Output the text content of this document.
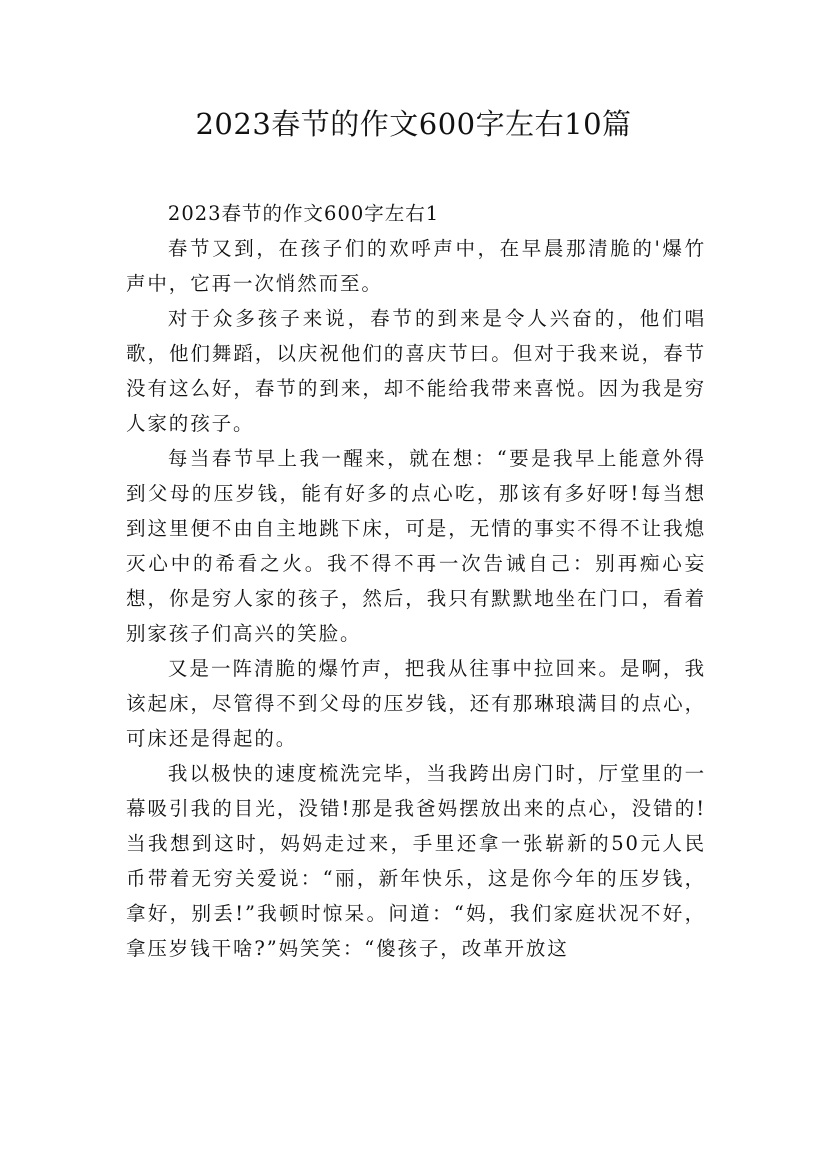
2023春节的作文600字左右10篇

2023春节的作文600字左右1

春节又到，在孩子们的欢呼声中，在早晨那清脆的'爆竹声中，它再一次悄然而至。

对于众多孩子来说，春节的到来是令人兴奋的，他们唱歌，他们舞蹈，以庆祝他们的喜庆节曰。但对于我来说，春节没有这么好，春节的到来，却不能给我带来喜悦。因为我是穷人家的孩子。

每当春节早上我一醒来，就在想：“要是我早上能意外得到父母的压岁钱，能有好多的点心吃，那该有多好呀!每当想到这里便不由自主地跳下床，可是，无情的事实不得不让我熄灭心中的希看之火。我不得不再一次告诫自己：别再痴心妄想，你是穷人家的孩子，然后，我只有默默地坐在门口，看着别家孩子们高兴的笑脸。

又是一阵清脆的爆竹声，把我从往事中拉回来。是啊，我该起床，尽管得不到父母的压岁钱，还有那琳琅满目的点心，可床还是得起的。

我以极快的速度梳洗完毕，当我跨出房门时，厅堂里的一幕吸引我的目光，没错!那是我爸妈摆放出来的点心，没错的!当我想到这时，妈妈走过来，手里还拿一张崭新的50元人民币带着无穷关爱说：“丽，新年快乐，这是你今年的压岁钱，拿好，别丢!”我顿时惊呆。问道：“妈，我们家庭状况不好，拿压岁钱干啥?”妈笑笑：“傻孩子，改革开放这
